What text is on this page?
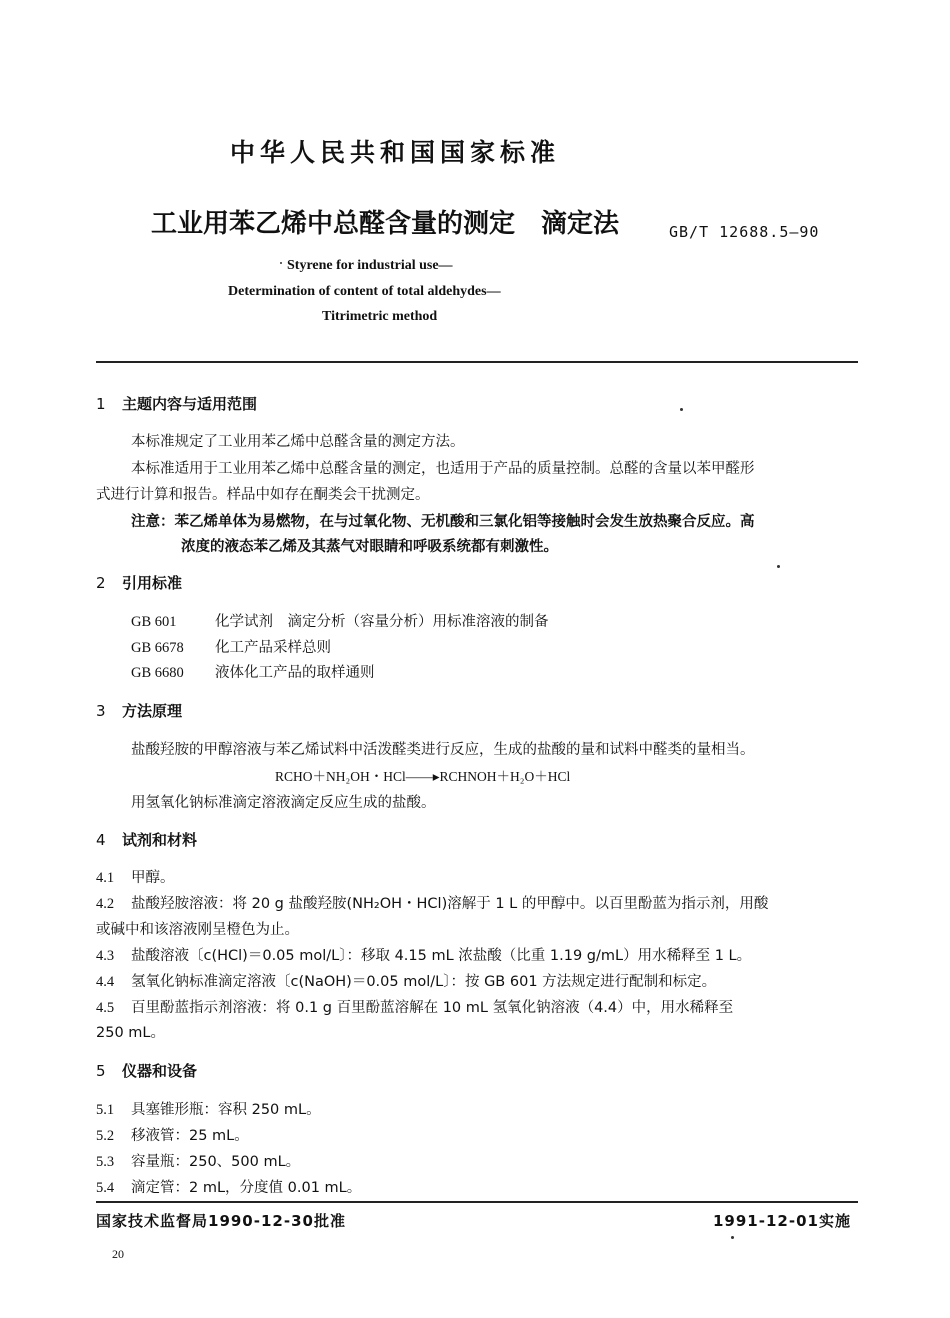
中华人民共和国国家标准
工业用苯乙烯中总醛含量的测定　滴定法	GB/T 12688.5—90
Styrene for industrial use—
Determination of content of total aldehydes—
Titrimetric method
1 主题内容与适用范围
本标准规定了工业用苯乙烯中总醛含量的测定方法。
本标准适用于工业用苯乙烯中总醛含量的测定，也适用于产品的质量控制。总醛的含量以苯甲醛形
式进行计算和报告。样品中如存在酮类会干扰测定。
注意：苯乙烯单体为易燃物，在与过氧化物、无机酸和三氯化铝等接触时会发生放热聚合反应。高
浓度的液态苯乙烯及其蒸气对眼睛和呼吸系统都有刺激性。
2 引用标准
GB 601	化学试剂　滴定分析（容量分析）用标准溶液的制备
GB 6678 化工产品采样总则
GB 6680 液体化工产品的取样通则
3 方法原理
盐酸羟胺的甲醇溶液与苯乙烯试料中活泼醛类进行反应，生成的盐酸的量和试料中醛类的量相当。
RCHO＋NH₂OH・HCl——▸RCHNOH＋H₂O＋HCl
用氢氧化钠标准滴定溶液滴定反应生成的盐酸。
4 试剂和材料
4.1 甲醇。
4.2 盐酸羟胺溶液：将 20 g 盐酸羟胺(NH₂OH・HCl)溶解于 1 L 的甲醇中。以百里酚蓝为指示剂，用酸
或碱中和该溶液刚呈橙色为止。
4.3 盐酸溶液〔c(HCl)＝0.05 mol/L〕：移取 4.15 mL 浓盐酸（比重 1.19 g/mL）用水稀释至 1 L。
4.4 氢氧化钠标准滴定溶液〔c(NaOH)＝0.05 mol/L〕：按 GB 601 方法规定进行配制和标定。
4.5 百里酚蓝指示剂溶液：将 0.1 g 百里酚蓝溶解在 10 mL 氢氧化钠溶液（4.4）中，用水稀释至
250 mL。
5 仪器和设备
5.1 具塞锥形瓶：容积 250 mL。
5.2 移液管：25 mL。
5.3 容量瓶：250、500 mL。
5.4 滴定管：2 mL，分度值 0.01 mL。
国家技术监督局1990-12-30批准	1991-12-01实施
20
